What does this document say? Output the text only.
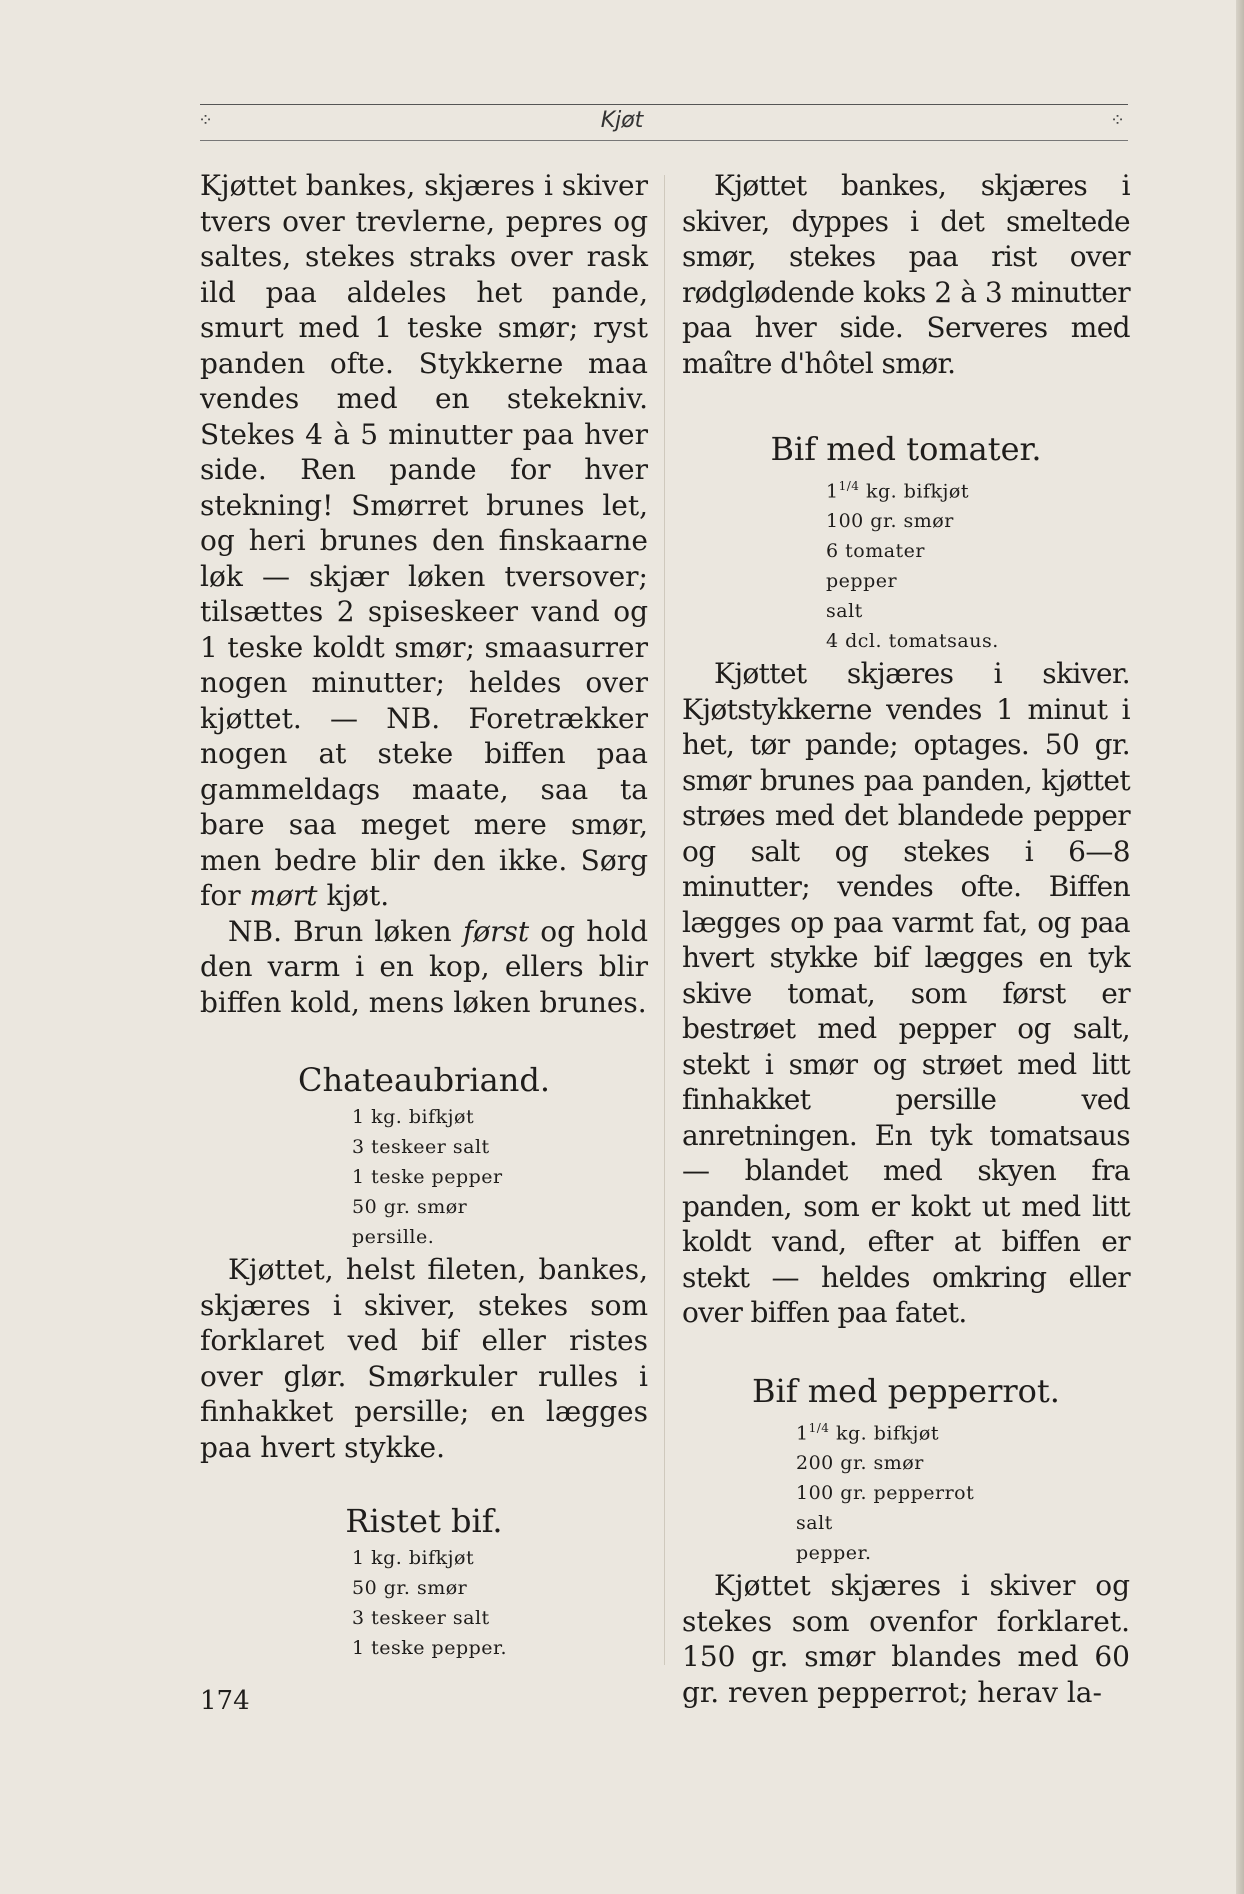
⁘	Kjøt	⁘

Kjøttet bankes, skjæres i skiver tvers over trevlerne, pepres og saltes, stekes straks over rask ild paa aldeles het pande, smurt med 1 teske smør; ryst panden ofte. Stykkerne maa vendes med en stekekniv. Stekes 4 à 5 minutter paa hver side. Ren pande for hver stekning! Smørret brunes let, og heri brunes den finskaarne løk — skjær løken tversover; tilsættes 2 spiseskeer vand og 1 teske koldt smør; smaasurrer nogen minutter; heldes over kjøttet. — NB. Foretrækker nogen at steke biffen paa gammeldags maate, saa ta bare saa meget mere smør, men bedre blir den ikke. Sørg for mørt kjøt.

NB. Brun løken først og hold den varm i en kop, ellers blir biffen kold, mens løken brunes.

Chateaubriand.
1 kg. bifkjøt
3 teskeer salt
1 teske pepper
50 gr. smør
persille.

Kjøttet, helst fileten, bankes, skjæres i skiver, stekes som forklaret ved bif eller ristes over glør. Smørkuler rulles i finhakket persille; en lægges paa hvert stykke.

Ristet bif.
1 kg. bifkjøt
50 gr. smør
3 teskeer salt
1 teske pepper.

Kjøttet bankes, skjæres i skiver, dyppes i det smeltede smør, stekes paa rist over rødglødende koks 2 à 3 minutter paa hver side. Serveres med maître d'hôtel smør.

Bif med tomater.
$1^{1/4}$ kg. bifkjøt
100 gr. smør
6 tomater
pepper
salt
4 dcl. tomatsaus.

Kjøttet skjæres i skiver. Kjøtstykkerne vendes 1 minut i het, tør pande; optages. 50 gr. smør brunes paa panden, kjøttet strøes med det blandede pepper og salt og stekes i 6—8 minutter; vendes ofte. Biffen lægges op paa varmt fat, og paa hvert stykke bif lægges en tyk skive tomat, som først er bestrøet med pepper og salt, stekt i smør og strøet med litt finhakket persille ved anretningen. En tyk tomatsaus — blandet med skyen fra panden, som er kokt ut med litt koldt vand, efter at biffen er stekt — heldes omkring eller over biffen paa fatet.

Bif med pepperrot.
$1^{1/4}$ kg. bifkjøt
200 gr. smør
100 gr. pepperrot
salt
pepper.

Kjøttet skjæres i skiver og stekes som ovenfor forklaret. 150 gr. smør blandes med 60 gr. reven pepperrot; herav la-

174
